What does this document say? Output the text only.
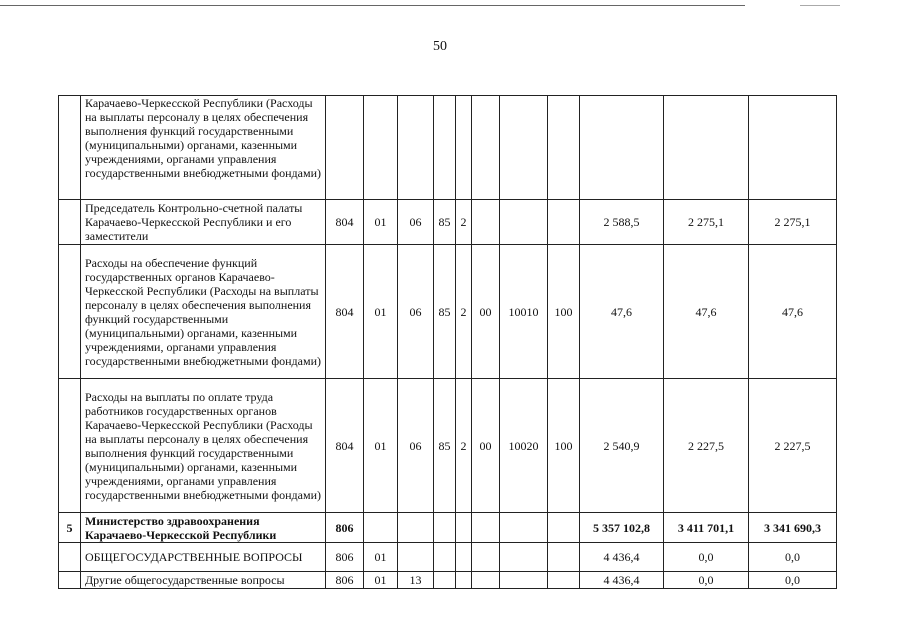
50
	Карачаево-Черкесской Республики (Расходы на выплаты персоналу в целях обеспечения выполнения функций государственными (муниципальными) органами, казенными учреждениями, органами управления государственными внебюджетными фондами)											
	Председатель Контрольно-счетной палаты Карачаево-Черкесской Республики и его заместители	804	01	06	85	2				2 588,5	2 275,1	2 275,1
	Расходы на обеспечение функций государственных органов Карачаево-Черкесской Республики (Расходы на выплаты персоналу в целях обеспечения выполнения функций государственными (муниципальными) органами, казенными учреждениями, органами управления государственными внебюджетными фондами)	804	01	06	85	2	00	10010	100	47,6	47,6	47,6
	Расходы на выплаты по оплате труда работников государственных органов Карачаево-Черкесской Республики (Расходы на выплаты персоналу в целях обеспечения выполнения функций государственными (муниципальными) органами, казенными учреждениями, органами управления государственными внебюджетными фондами)	804	01	06	85	2	00	10020	100	2 540,9	2 227,5	2 227,5
5	Министерство здравоохранения Карачаево-Черкесской Республики	806								5 357 102,8	3 411 701,1	3 341 690,3
	ОБЩЕГОСУДАРСТВЕННЫЕ ВОПРОСЫ	806	01							4 436,4	0,0	0,0
	Другие общегосударственные вопросы	806	01	13						4 436,4	0,0	0,0
